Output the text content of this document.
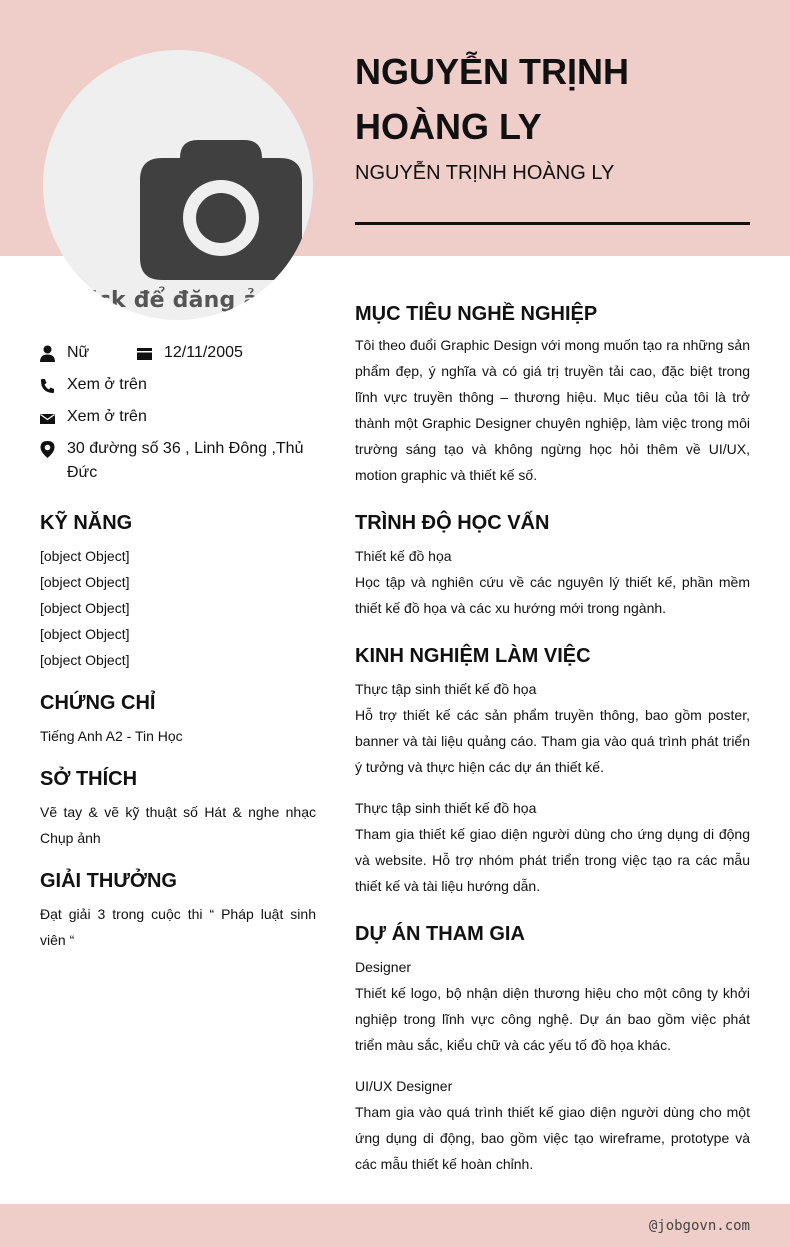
Click để đăng ảnh
NGUYỄN TRỊNH HOÀNG LY
NGUYỄN TRỊNH HOÀNG LY
Nữ	12/11/2005
Xem ở trên
Xem ở trên
30 đường số 36 , Linh Đông ,Thủ Đức
KỸ NĂNG
[object Object]
[object Object]
[object Object]
[object Object]
[object Object]
CHỨNG CHỈ
Tiếng Anh A2 - Tin Học
SỞ THÍCH

Vẽ tay & vẽ kỹ thuật số Hát & nghe nhạc Chụp ảnh

GIẢI THƯỞNG

Đạt giải 3 trong cuộc thi “ Pháp luật sinh viên “

MỤC TIÊU NGHỀ NGHIỆP

Tôi theo đuổi Graphic Design với mong muốn tạo ra những sản phẩm đẹp, ý nghĩa và có giá trị truyền tải cao, đặc biệt trong lĩnh vực truyền thông – thương hiệu. Mục tiêu của tôi là trở thành một Graphic Designer chuyên nghiệp, làm việc trong môi trường sáng tạo và không ngừng học hỏi thêm về UI/UX, motion graphic và thiết kế số.

TRÌNH ĐỘ HỌC VẤN
Thiết kế đồ họa

Học tập và nghiên cứu về các nguyên lý thiết kế, phần mềm thiết kế đồ họa và các xu hướng mới trong ngành.

KINH NGHIỆM LÀM VIỆC
Thực tập sinh thiết kế đồ họa

Hỗ trợ thiết kế các sản phẩm truyền thông, bao gồm poster, banner và tài liệu quảng cáo. Tham gia vào quá trình phát triển ý tưởng và thực hiện các dự án thiết kế.

Thực tập sinh thiết kế đồ họa

Tham gia thiết kế giao diện người dùng cho ứng dụng di động và website. Hỗ trợ nhóm phát triển trong việc tạo ra các mẫu thiết kế và tài liệu hướng dẫn.

DỰ ÁN THAM GIA
Designer

Thiết kế logo, bộ nhận diện thương hiệu cho một công ty khởi nghiệp trong lĩnh vực công nghệ. Dự án bao gồm việc phát triển màu sắc, kiểu chữ và các yếu tố đồ họa khác.

UI/UX Designer

Tham gia vào quá trình thiết kế giao diện người dùng cho một ứng dụng di động, bao gồm việc tạo wireframe, prototype và các mẫu thiết kế hoàn chỉnh.

@jobgovn.com
